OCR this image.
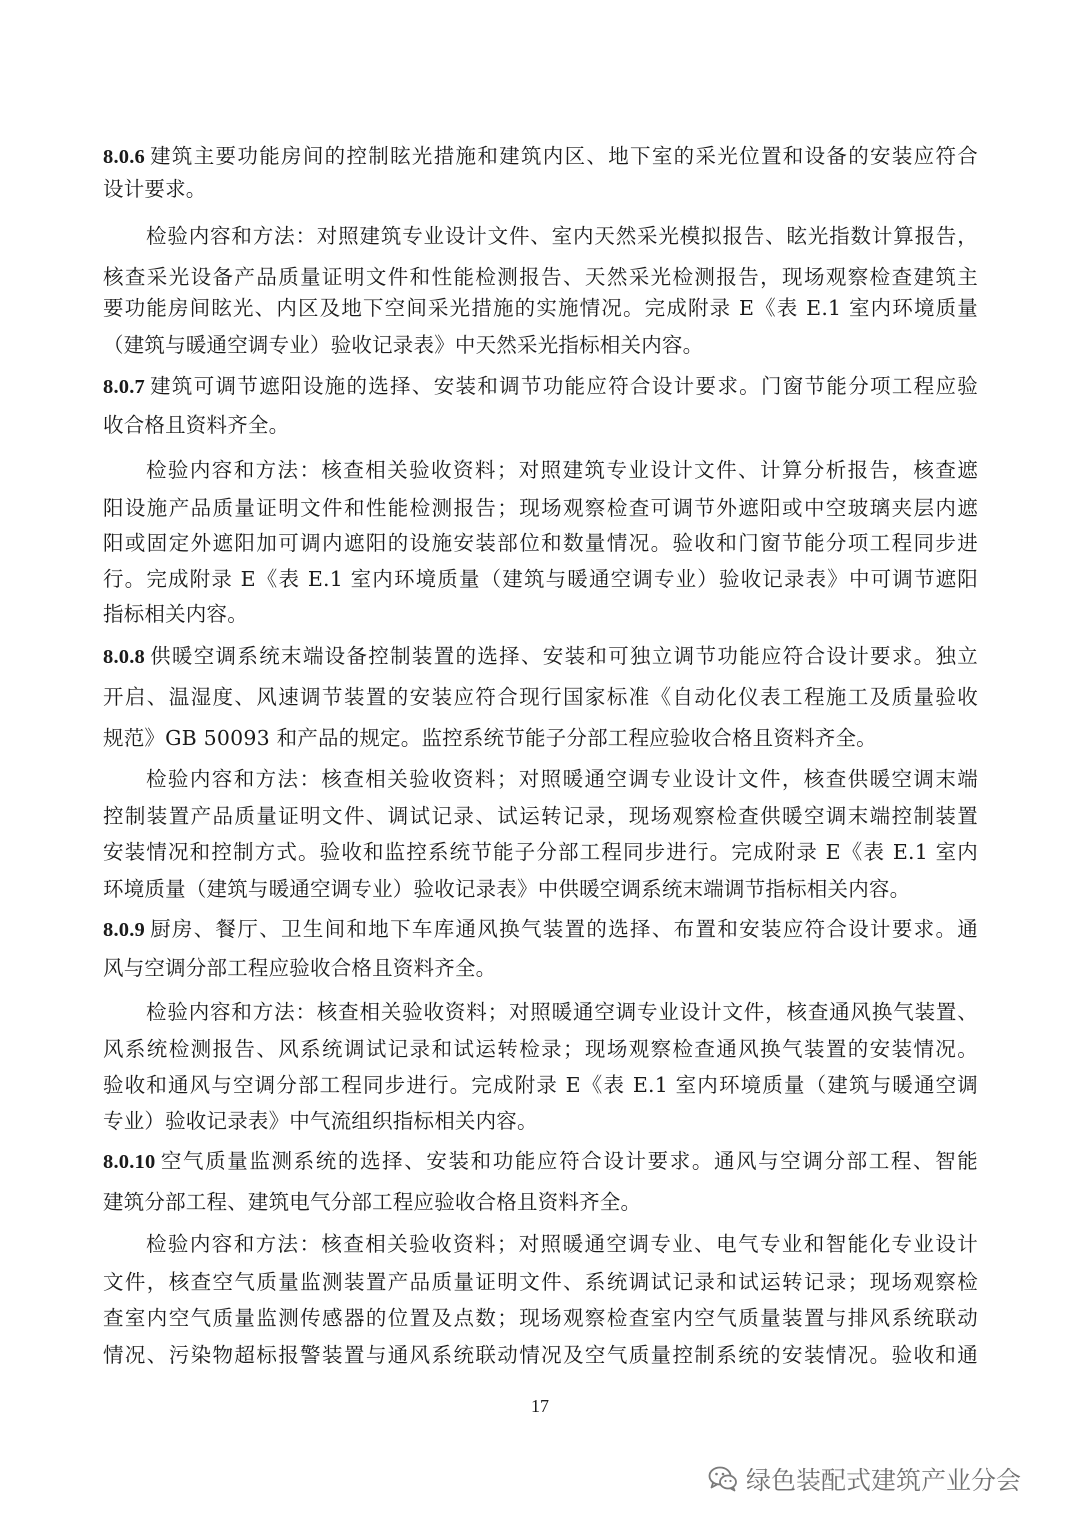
8.0.6 建筑主要功能房间的控制眩光措施和建筑内区、地下室的采光位置和设备的安装应符合
设计要求。
检验内容和方法：对照建筑专业设计文件、室内天然采光模拟报告、眩光指数计算报告，
核查采光设备产品质量证明文件和性能检测报告、天然采光检测报告，现场观察检查建筑主
要功能房间眩光、内区及地下空间采光措施的实施情况。完成附录 E《表 E.1 室内环境质量
（建筑与暖通空调专业）验收记录表》中天然采光指标相关内容。
8.0.7 建筑可调节遮阳设施的选择、安装和调节功能应符合设计要求。门窗节能分项工程应验
收合格且资料齐全。
检验内容和方法：核查相关验收资料；对照建筑专业设计文件、计算分析报告，核查遮
阳设施产品质量证明文件和性能检测报告；现场观察检查可调节外遮阳或中空玻璃夹层内遮
阳或固定外遮阳加可调内遮阳的设施安装部位和数量情况。验收和门窗节能分项工程同步进
行。完成附录 E《表 E.1 室内环境质量（建筑与暖通空调专业）验收记录表》中可调节遮阳
指标相关内容。
8.0.8 供暖空调系统末端设备控制装置的选择、安装和可独立调节功能应符合设计要求。独立
开启、温湿度、风速调节装置的安装应符合现行国家标准《自动化仪表工程施工及质量验收
规范》GB 50093 和产品的规定。监控系统节能子分部工程应验收合格且资料齐全。
检验内容和方法：核查相关验收资料；对照暖通空调专业设计文件，核查供暖空调末端
控制装置产品质量证明文件、调试记录、试运转记录，现场观察检查供暖空调末端控制装置
安装情况和控制方式。验收和监控系统节能子分部工程同步进行。完成附录 E《表 E.1 室内
环境质量（建筑与暖通空调专业）验收记录表》中供暖空调系统末端调节指标相关内容。
8.0.9 厨房、餐厅、卫生间和地下车库通风换气装置的选择、布置和安装应符合设计要求。通
风与空调分部工程应验收合格且资料齐全。
检验内容和方法：核查相关验收资料；对照暖通空调专业设计文件，核查通风换气装置、
风系统检测报告、风系统调试记录和试运转检录；现场观察检查通风换气装置的安装情况。
验收和通风与空调分部工程同步进行。完成附录 E《表 E.1 室内环境质量（建筑与暖通空调
专业）验收记录表》中气流组织指标相关内容。
8.0.10 空气质量监测系统的选择、安装和功能应符合设计要求。通风与空调分部工程、智能
建筑分部工程、建筑电气分部工程应验收合格且资料齐全。
检验内容和方法：核查相关验收资料；对照暖通空调专业、电气专业和智能化专业设计
文件，核查空气质量监测装置产品质量证明文件、系统调试记录和试运转记录；现场观察检
查室内空气质量监测传感器的位置及点数；现场观察检查室内空气质量装置与排风系统联动
情况、污染物超标报警装置与通风系统联动情况及空气质量控制系统的安装情况。验收和通
17
绿色装配式建筑产业分会
